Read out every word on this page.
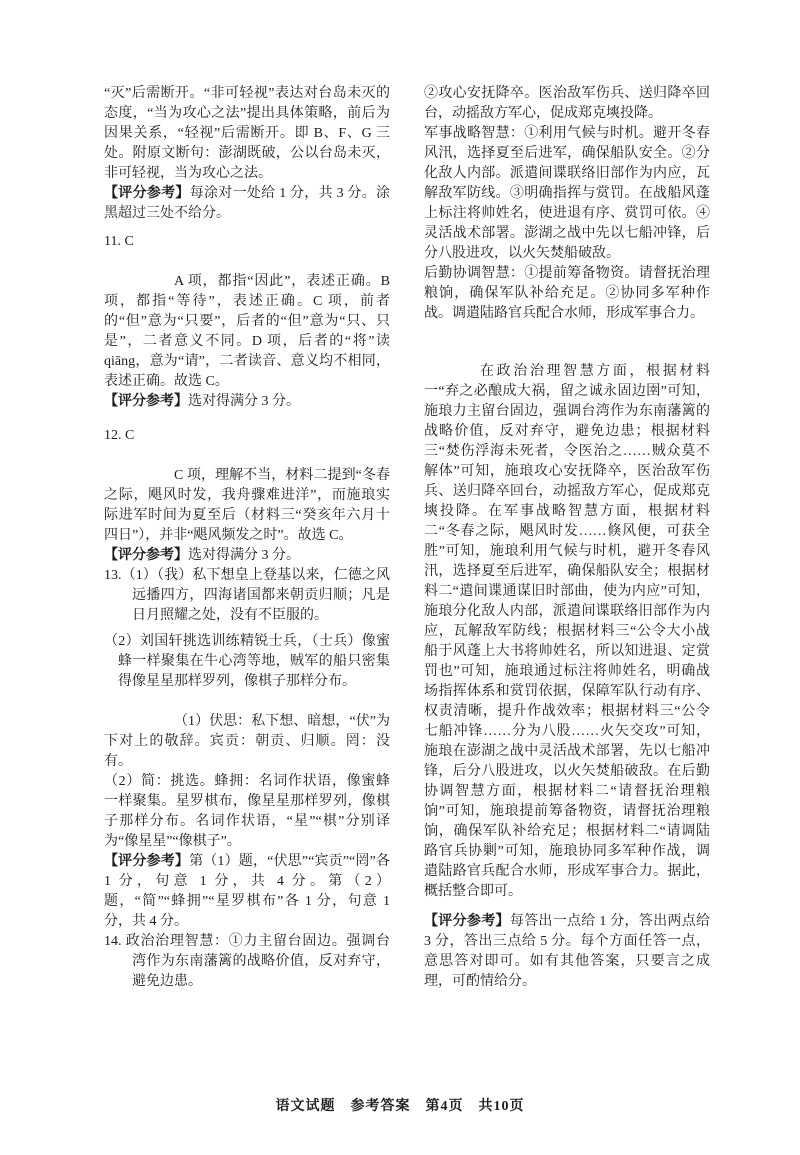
“灭”后需断开。“非可轻视”表达对台岛未灭的态度，“当为攻心之法”提出具体策略，前后为因果关系，“轻视”后需断开。即 B、F、G 三处。附原文断句：澎湖既破，公以台岛未灭，非可轻视，当为攻心之法。

【评分参考】每涂对一处给 1 分，共 3 分。涂黑超过三处不给分。

11. C

A 项，都指“因此”，表述正确。B 项，都指“等待”，表述正确。C 项，前者的“但”意为“只要”，后者的“但”意为“只、只是”，二者意义不同。D 项，后者的“将”读 qiāng，意为“请”，二者读音、意义均不相同，表述正确。故选 C。

【评分参考】选对得满分 3 分。

12. C

C 项，理解不当，材料二提到“冬春之际，飓风时发，我舟骤难进洋”，而施琅实际进军时间为夏至后（材料三“癸亥年六月十四日”），并非“飓风频发之时”。故选 C。

【评分参考】选对得满分 3 分。

13.（1）（我）私下想皇上登基以来，仁德之风远播四方，四海诸国都来朝贡归顺；凡是日月照耀之处，没有不臣服的。

（2）刘国轩挑选训练精锐士兵，（士兵）像蜜蜂一样聚集在牛心湾等地，贼军的船只密集得像星星那样罗列，像棋子那样分布。

（1）伏思：私下想、暗想，“伏”为下对上的敬辞。宾贡：朝贡、归顺。罔：没有。

（2）简：挑选。蜂拥：名词作状语，像蜜蜂一样聚集。星罗棋布，像星星那样罗列，像棋子那样分布。名词作状语，“星”“棋”分别译为“像星星”“像棋子”。

【评分参考】第（1）题，“伏思”“宾贡”“罔”各 1 分，句意 1 分，共 4 分。第（2）题，“简”“蜂拥”“星罗棋布”各 1 分，句意 1 分，共 4 分。

14. 政治治理智慧：①力主留台固边。强调台湾作为东南藩篱的战略价值，反对弃守，避免边患。

②攻心安抚降卒。医治敌军伤兵、送归降卒回台，动摇敌方军心，促成郑克塽投降。

军事战略智慧：①利用气候与时机。避开冬春风汛，选择夏至后进军，确保船队安全。②分化敌人内部。派遣间谍联络旧部作为内应，瓦解敌军防线。③明确指挥与赏罚。在战船风蓬上标注将帅姓名，使进退有序、赏罚可依。④灵活战术部署。澎湖之战中先以七船冲锋，后分八股进攻，以火矢焚船破敌。

后勤协调智慧：①提前筹备物资。请督抚治理粮饷，确保军队补给充足。②协同多军种作战。调遣陆路官兵配合水师，形成军事合力。

在政治治理智慧方面，根据材料一“弃之必酿成大祸，留之诚永固边圉”可知，施琅力主留台固边，强调台湾作为东南藩篱的战略价值，反对弃守，避免边患；根据材料三“焚伤浮海未死者，令医治之……贼众莫不解体”可知，施琅攻心安抚降卒，医治敌军伤兵、送归降卒回台，动摇敌方军心，促成郑克塽投降。在军事战略智慧方面，根据材料二“冬春之际，飓风时发……倏风便，可获全胜”可知，施琅利用气候与时机，避开冬春风汛，选择夏至后进军，确保船队安全；根据材料二“遣间谍通谋旧时部曲，使为内应”可知，施琅分化敌人内部，派遣间谍联络旧部作为内应，瓦解敌军防线；根据材料三“公令大小战船于风蓬上大书将帅姓名，所以知进退、定赏罚也”可知，施琅通过标注将帅姓名，明确战场指挥体系和赏罚依据，保障军队行动有序、权责清晰，提升作战效率；根据材料三“公令七船冲锋……分为八股……火矢交攻”可知，施琅在澎湖之战中灵活战术部署，先以七船冲锋，后分八股进攻，以火矢焚船破敌。在后勤协调智慧方面，根据材料二“请督抚治理粮饷”可知，施琅提前筹备物资，请督抚治理粮饷，确保军队补给充足；根据材料二“请调陆路官兵协剿”可知，施琅协同多军种作战，调遣陆路官兵配合水师，形成军事合力。据此，概括整合即可。

【评分参考】每答出一点给 1 分，答出两点给 3 分，答出三点给 5 分。每个方面任答一点，意思答对即可。如有其他答案，只要言之成理，可酌情给分。

语文试题　参考答案　第4页　共10页
